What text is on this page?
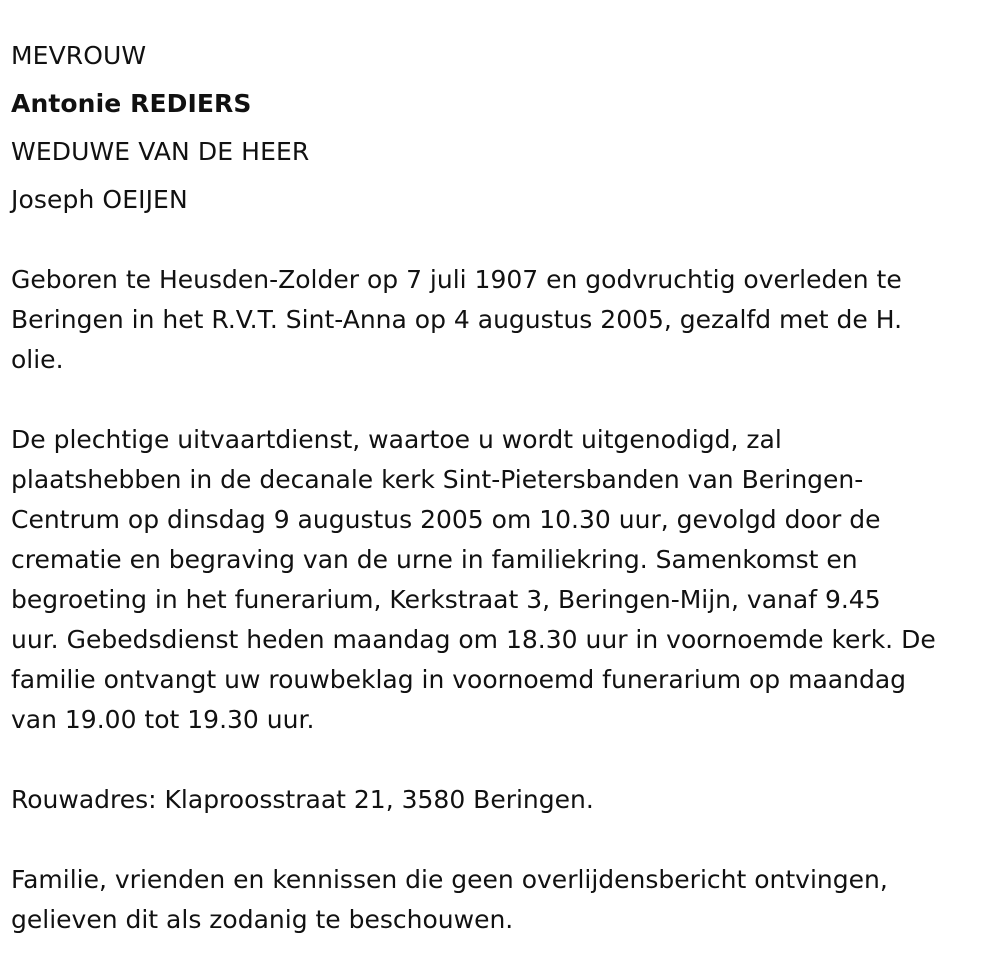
MEVROUW
Antonie REDIERS
WEDUWE VAN DE HEER
Joseph OEIJEN
Geboren te Heusden-Zolder op 7 juli 1907 en godvruchtig overleden te
Beringen in het R.V.T. Sint-Anna op 4 augustus 2005, gezalfd met de H.
olie.
De plechtige uitvaartdienst, waartoe u wordt uitgenodigd, zal
plaatshebben in de decanale kerk Sint-Pietersbanden van Beringen-
Centrum op dinsdag 9 augustus 2005 om 10.30 uur, gevolgd door de
crematie en begraving van de urne in familiekring. Samenkomst en
begroeting in het funerarium, Kerkstraat 3, Beringen-Mijn, vanaf 9.45
uur. Gebedsdienst heden maandag om 18.30 uur in voornoemde kerk. De
familie ontvangt uw rouwbeklag in voornoemd funerarium op maandag
van 19.00 tot 19.30 uur.
Rouwadres: Klaproosstraat 21, 3580 Beringen.
Familie, vrienden en kennissen die geen overlijdensbericht ontvingen,
gelieven dit als zodanig te beschouwen.
